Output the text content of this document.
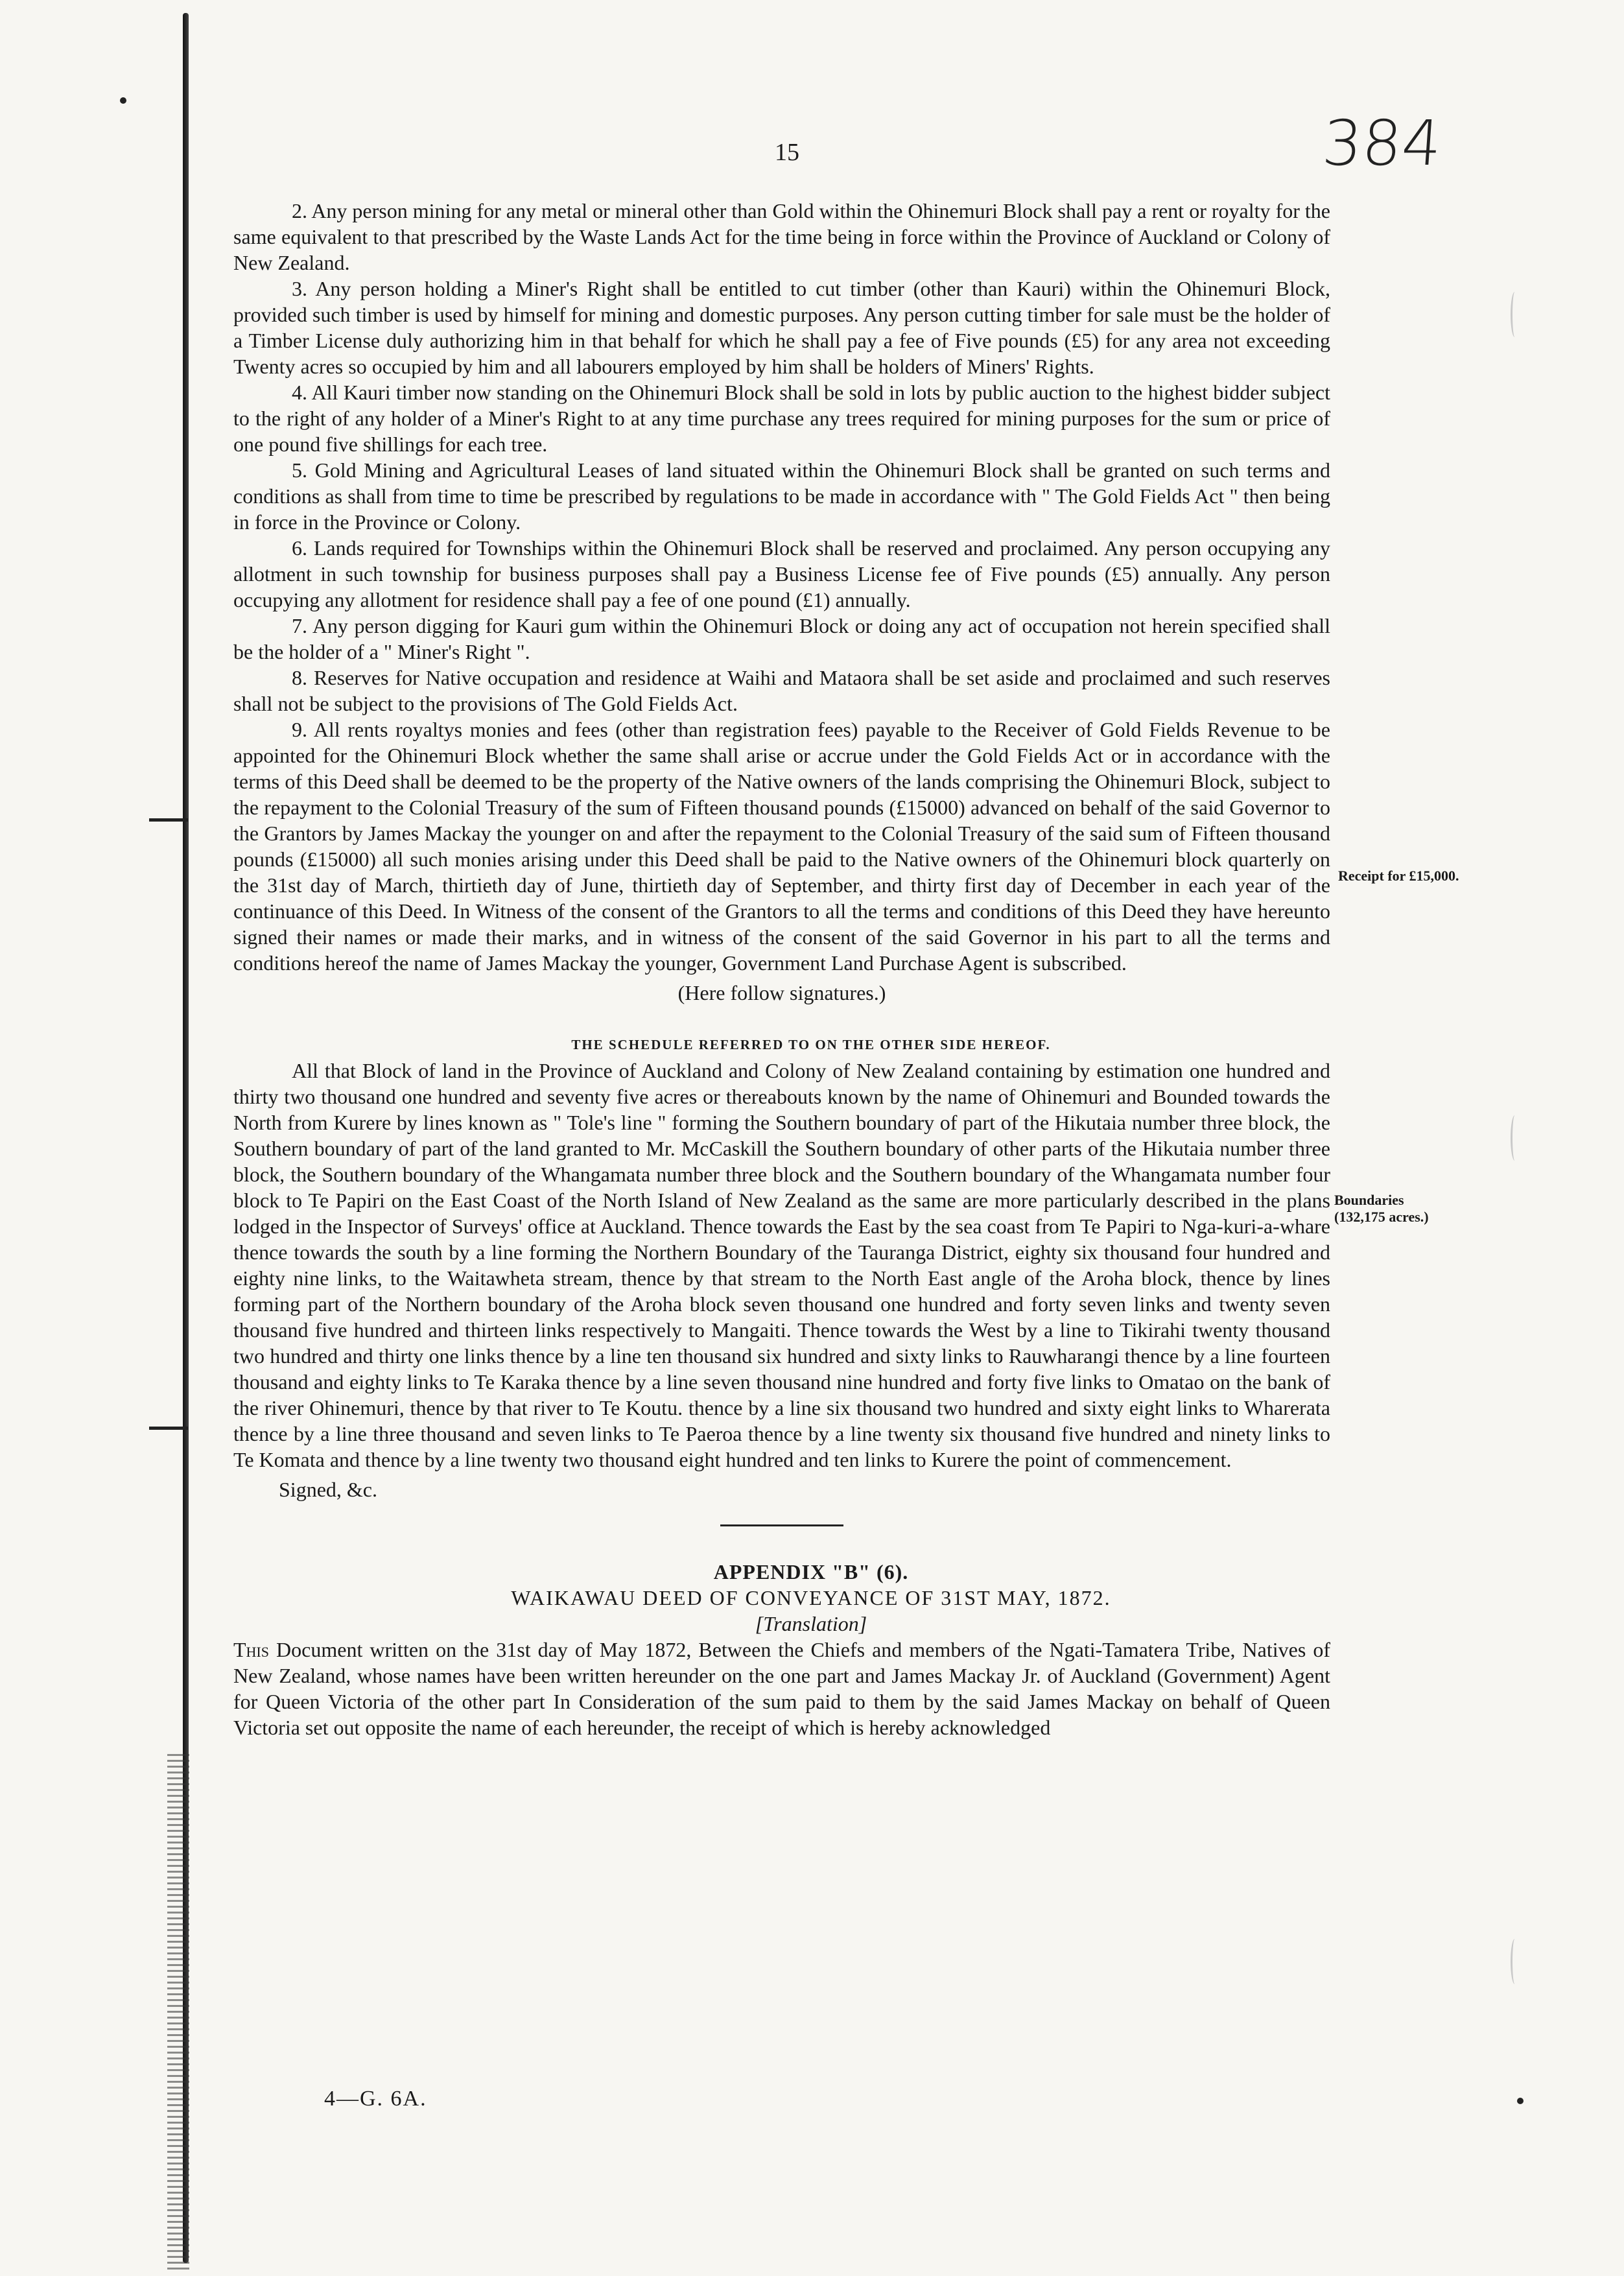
15	384
Receipt for £15,000.
Boundaries
(132,175 acres.)

2. Any person mining for any metal or mineral other than Gold within the Ohinemuri Block shall pay a rent or royalty for the same equivalent to that prescribed by the Waste Lands Act for the time being in force within the Province of Auckland or Colony of New Zealand.

3. Any person holding a Miner's Right shall be entitled to cut timber (other than Kauri) within the Ohinemuri Block, provided such timber is used by himself for mining and domestic purposes. Any person cutting timber for sale must be the holder of a Timber License duly authorizing him in that behalf for which he shall pay a fee of Five pounds (£5) for any area not exceeding Twenty acres so occupied by him and all labourers employed by him shall be holders of Miners' Rights.

4. All Kauri timber now standing on the Ohinemuri Block shall be sold in lots by public auction to the highest bidder subject to the right of any holder of a Miner's Right to at any time purchase any trees required for mining purposes for the sum or price of one pound five shillings for each tree.

5. Gold Mining and Agricultural Leases of land situated within the Ohinemuri Block shall be granted on such terms and conditions as shall from time to time be prescribed by regulations to be made in accordance with " The Gold Fields Act " then being in force in the Province or Colony.

6. Lands required for Townships within the Ohinemuri Block shall be reserved and proclaimed. Any person occupying any allotment in such township for business purposes shall pay a Business License fee of Five pounds (£5) annually. Any person occupying any allotment for residence shall pay a fee of one pound (£1) annually.

7. Any person digging for Kauri gum within the Ohinemuri Block or doing any act of occupation not herein specified shall be the holder of a " Miner's Right ".

8. Reserves for Native occupation and residence at Waihi and Mataora shall be set aside and proclaimed and such reserves shall not be subject to the provisions of The Gold Fields Act.

9. All rents royaltys monies and fees (other than registration fees) payable to the Receiver of Gold Fields Revenue to be appointed for the Ohinemuri Block whether the same shall arise or accrue under the Gold Fields Act or in accordance with the terms of this Deed shall be deemed to be the property of the Native owners of the lands comprising the Ohinemuri Block, subject to the repayment to the Colonial Treasury of the sum of Fifteen thousand pounds (£15000) advanced on behalf of the said Governor to the Grantors by James Mackay the younger on and after the repayment to the Colonial Treasury of the said sum of Fifteen thousand pounds (£15000) all such monies arising under this Deed shall be paid to the Native owners of the Ohinemuri block quarterly on the 31st day of March, thirtieth day of June, thirtieth day of September, and thirty first day of December in each year of the continuance of this Deed. In Witness of the consent of the Grantors to all the terms and conditions of this Deed they have hereunto signed their names or made their marks, and in witness of the consent of the said Governor in his part to all the terms and conditions hereof the name of James Mackay the younger, Government Land Purchase Agent is subscribed.

(Here follow signatures.)

THE SCHEDULE REFERRED TO ON THE OTHER SIDE HEREOF.

All that Block of land in the Province of Auckland and Colony of New Zealand containing by estimation one hundred and thirty two thousand one hundred and seventy five acres or thereabouts known by the name of Ohinemuri and Bounded towards the North from Kurere by lines known as " Tole's line " forming the Southern boundary of part of the Hikutaia number three block, the Southern boundary of part of the land granted to Mr. McCaskill the Southern boundary of other parts of the Hikutaia number three block, the Southern boundary of the Whangamata number three block and the Southern boundary of the Whangamata number four block to Te Papiri on the East Coast of the North Island of New Zealand as the same are more particularly described in the plans lodged in the Inspector of Surveys' office at Auckland. Thence towards the East by the sea coast from Te Papiri to Nga-kuri-a-whare thence towards the south by a line forming the Northern Boundary of the Tauranga District, eighty six thousand four hundred and eighty nine links, to the Waitawheta stream, thence by that stream to the North East angle of the Aroha block, thence by lines forming part of the Northern boundary of the Aroha block seven thousand one hundred and forty seven links and twenty seven thousand five hundred and thirteen links respectively to Mangaiti. Thence towards the West by a line to Tikirahi twenty thousand two hundred and thirty one links thence by a line ten thousand six hundred and sixty links to Rauwharangi thence by a line fourteen thousand and eighty links to Te Karaka thence by a line seven thousand nine hundred and forty five links to Omatao on the bank of the river Ohinemuri, thence by that river to Te Koutu. thence by a line six thousand two hundred and sixty eight links to Wharerata thence by a line three thousand and seven links to Te Paeroa thence by a line twenty six thousand five hundred and ninety links to Te Komata and thence by a line twenty two thousand eight hundred and ten links to Kurere the point of commencement.

Signed, &c.

APPENDIX "B" (6).

WAIKAWAU DEED OF CONVEYANCE OF 31ST MAY, 1872.

[Translation]

This Document written on the 31st day of May 1872, Between the Chiefs and members of the Ngati-Tamatera Tribe, Natives of New Zealand, whose names have been written hereunder on the one part and James Mackay Jr. of Auckland (Government) Agent for Queen Victoria of the other part In Consideration of the sum paid to them by the said James Mackay on behalf of Queen Victoria set out opposite the name of each hereunder, the receipt of which is hereby acknowledged

4—G. 6A.
